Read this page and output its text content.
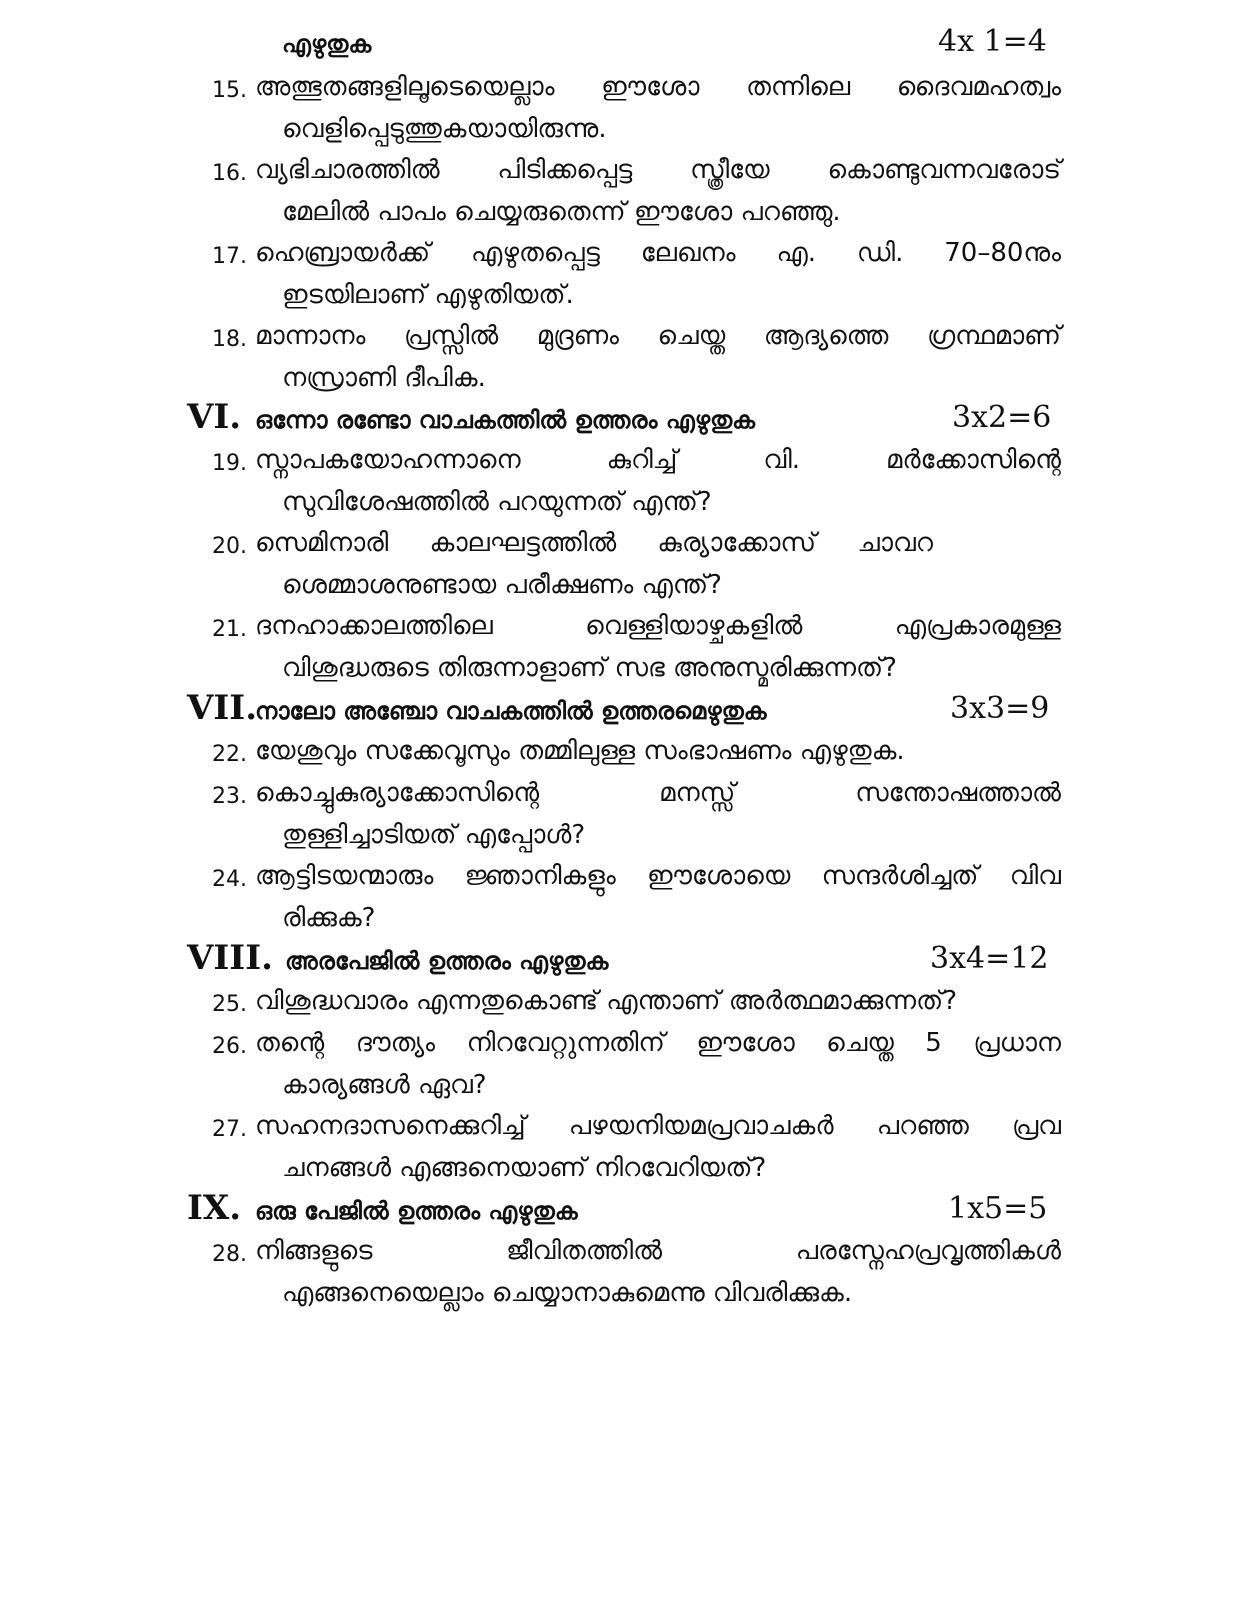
എഴുതുക	4x 1=4
15. അത്ഭുതങ്ങളിലൂടെയെല്ലാം ഈശോ തന്നിലെ ദൈവമഹത്വം
വെളിപ്പെടുത്തുകയായിരുന്നു.
16. വ്യഭിചാരത്തിൽ പിടിക്കപ്പെട്ട സ്ത്രീയേ കൊണ്ടുവന്നവരോട്
മേലിൽ പാപം ചെയ്യരുതെന്ന് ഈശോ പറഞ്ഞു.
17. ഹെബ്രായർക്ക് എഴുതപ്പെട്ട ലേഖനം എ. ഡി. 70–80നും
ഇടയിലാണ് എഴുതിയത്.
18. മാന്നാനം പ്രസ്സിൽ മുദ്രണം ചെയ്ത ആദ്യത്തെ ഗ്രന്ഥമാണ്
നസ്രാണി ദീപിക.
VI. ഒന്നോ രണ്ടോ വാചകത്തിൽ ഉത്തരം എഴുതുക	3x2=6
19. സ്നാപകയോഹന്നാനെ കുറിച്ച് വി. മർക്കോസിന്റെ
സുവിശേഷത്തിൽ പറയുന്നത് എന്ത്?
20. സെമിനാരി കാലഘട്ടത്തിൽ കുര്യാക്കോസ് ചാവറ
ശെമ്മാശനുണ്ടായ പരീക്ഷണം എന്ത്?
21. ദനഹാക്കാലത്തിലെ വെള്ളിയാഴ്ചകളിൽ എപ്രകാരമുള്ള
വിശുദ്ധരുടെ തിരുന്നാളാണ് സഭ അനുസ്മരിക്കുന്നത്?
VII.
നാലോ അഞ്ചോ വാചകത്തിൽ ഉത്തരമെഴുതുക	3x3=9
22. യേശുവും സക്കേവൂസും തമ്മിലുള്ള സംഭാഷണം എഴുതുക.
23. കൊച്ചുകുര്യാക്കോസിന്റെ മനസ്സ് സന്തോഷത്താൽ
തുള്ളിച്ചാടിയത് എപ്പോൾ?
24. ആട്ടിടയന്മാരും ജ്ഞാനികളും ഈശോയെ സന്ദർശിച്ചത് വിവ
രിക്കുക?
VIII. അരപേജിൽ ഉത്തരം എഴുതുക	3x4=12
25. വിശുദ്ധവാരം എന്നതുകൊണ്ട് എന്താണ് അർത്ഥമാക്കുന്നത്?
26. തന്റെ ദൗത്യം നിറവേറ്റുന്നതിന് ഈശോ ചെയ്ത 5 പ്രധാന
കാര്യങ്ങൾ ഏവ?
27. സഹനദാസനെക്കുറിച്ച് പഴയനിയമപ്രവാചകർ പറഞ്ഞ പ്രവ
ചനങ്ങൾ എങ്ങനെയാണ് നിറവേറിയത്?
IX. ഒരു പേജിൽ ഉത്തരം എഴുതുക	1x5=5
28. നിങ്ങളുടെ ജീവിതത്തിൽ പരസ്നേഹപ്രവൃത്തികൾ
എങ്ങനെയെല്ലാം ചെയ്യാനാകുമെന്നു വിവരിക്കുക.
